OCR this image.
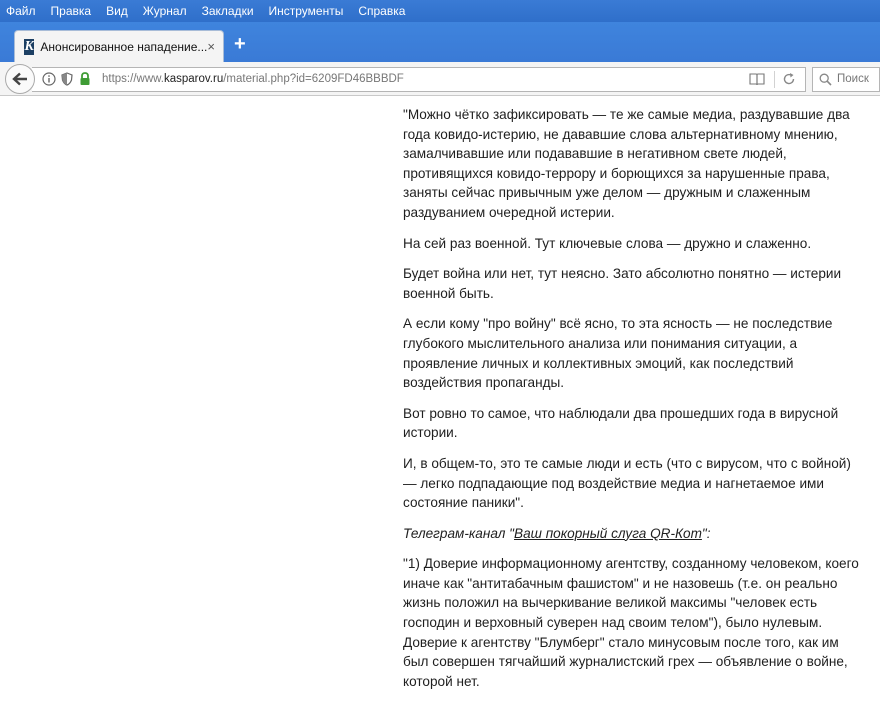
Файл Правка Вид Журнал Закладки Инструменты Справка
K Анонсированное нападение... × +
https://www.kasparov.ru/material.php?id=6209FD46BBBDF	Поиск

"Можно чётко зафиксировать — те же самые медиа, раздувавшие два года ковидо-истерию, не дававшие слова альтернативному мнению, замалчивавшие или подававшие в негативном свете людей, противящихся ковидо-террору и борющихся за нарушенные права, заняты сейчас привычным уже делом — дружным и слаженным раздуванием очередной истерии.

На сей раз военной. Тут ключевые слова — дружно и слаженно.

Будет война или нет, тут неясно. Зато абсолютно понятно — истерии военной быть.

А если кому "про войну" всё ясно, то эта ясность — не последствие глубокого мыслительного анализа или понимания ситуации, а проявление личных и коллективных эмоций, как последствий воздействия пропаганды.

Вот ровно то самое, что наблюдали два прошедших года в вирусной истории.

И, в общем-то, это те самые люди и есть (что с вирусом, что с войной) — легко подпадающие под воздействие медиа и нагнетаемое ими состояние паники".

Телеграм-канал "Ваш покорный слуга QR-Кот":

"1) Доверие информационному агентству, созданному человеком, коего иначе как "антитабачным фашистом" и не назовешь (т.е. он реально жизнь положил на вычеркивание великой максимы "человек есть господин и верховный суверен над своим телом"), было нулевым.
Доверие к агентству "Блумберг" стало минусовым после того, как им был совершен тягчайший журналистский грех — объявление о войне, которой нет.
